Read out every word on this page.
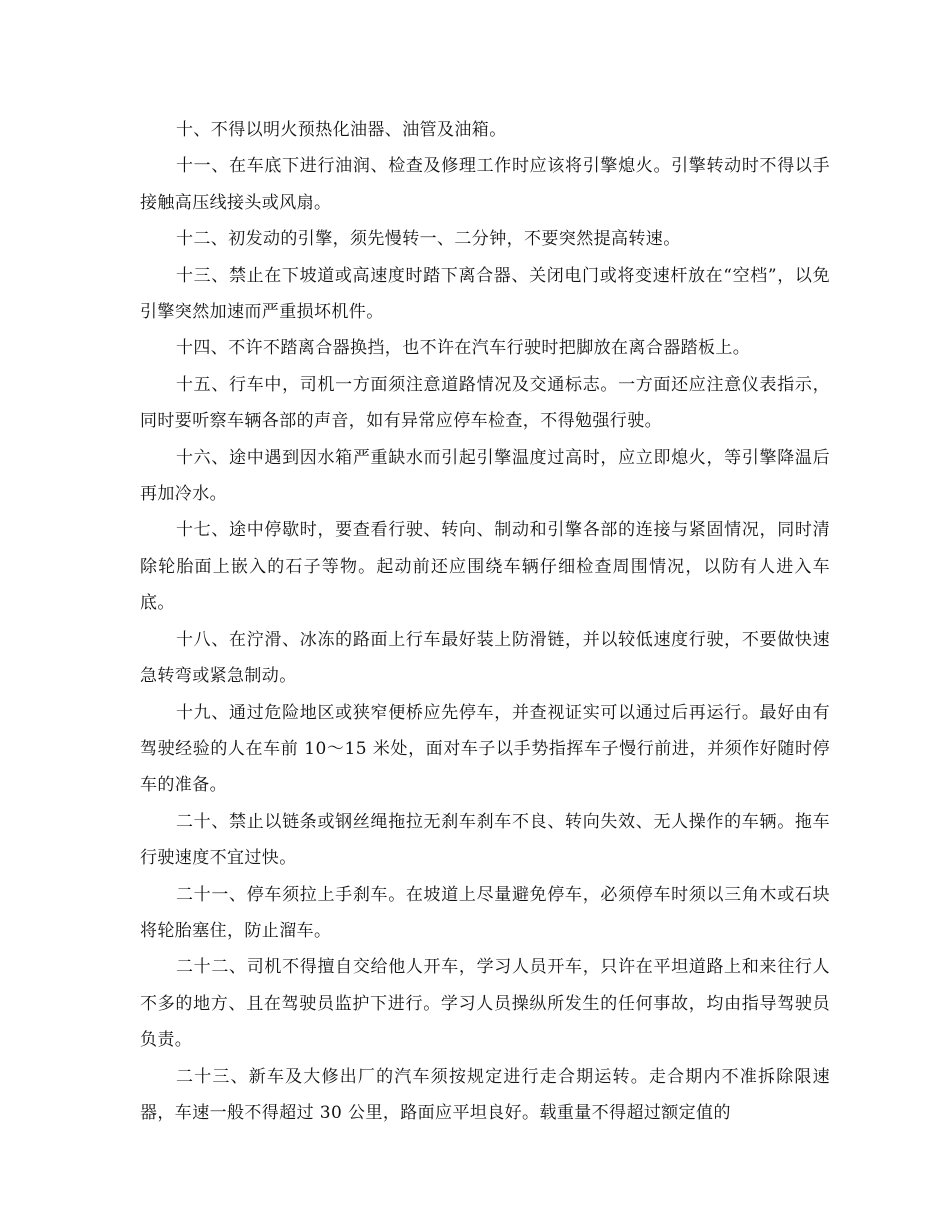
十、不得以明火预热化油器、油管及油箱。

十一、在车底下进行油润、检查及修理工作时应该将引擎熄火。引擎转动时不得以手接触高压线接头或风扇。

十二、初发动的引擎，须先慢转一、二分钟，不要突然提高转速。

十三、禁止在下坡道或高速度时踏下离合器、关闭电门或将变速杆放在“空档”，以免引擎突然加速而严重损坏机件。

十四、不许不踏离合器换挡，也不许在汽车行驶时把脚放在离合器踏板上。

十五、行车中，司机一方面须注意道路情况及交通标志。一方面还应注意仪表指示，同时要听察车辆各部的声音，如有异常应停车检查，不得勉强行驶。

十六、途中遇到因水箱严重缺水而引起引擎温度过高时，应立即熄火，等引擎降温后再加冷水。

十七、途中停歇时，要查看行驶、转向、制动和引擎各部的连接与紧固情况，同时清除轮胎面上嵌入的石子等物。起动前还应围绕车辆仔细检查周围情况，以防有人进入车底。

十八、在泞滑、冰冻的路面上行车最好装上防滑链，并以较低速度行驶，不要做快速急转弯或紧急制动。

十九、通过危险地区或狭窄便桥应先停车，并查视证实可以通过后再运行。最好由有驾驶经验的人在车前 10～15 米处，面对车子以手势指挥车子慢行前进，并须作好随时停车的准备。

二十、禁止以链条或钢丝绳拖拉无刹车刹车不良、转向失效、无人操作的车辆。拖车行驶速度不宜过快。

二十一、停车须拉上手刹车。在坡道上尽量避免停车，必须停车时须以三角木或石块将轮胎塞住，防止溜车。

二十二、司机不得擅自交给他人开车，学习人员开车，只许在平坦道路上和来往行人不多的地方、且在驾驶员监护下进行。学习人员操纵所发生的任何事故，均由指导驾驶员负责。

二十三、新车及大修出厂的汽车须按规定进行走合期运转。走合期内不准拆除限速器，车速一般不得超过 30 公里，路面应平坦良好。载重量不得超过额定值的
